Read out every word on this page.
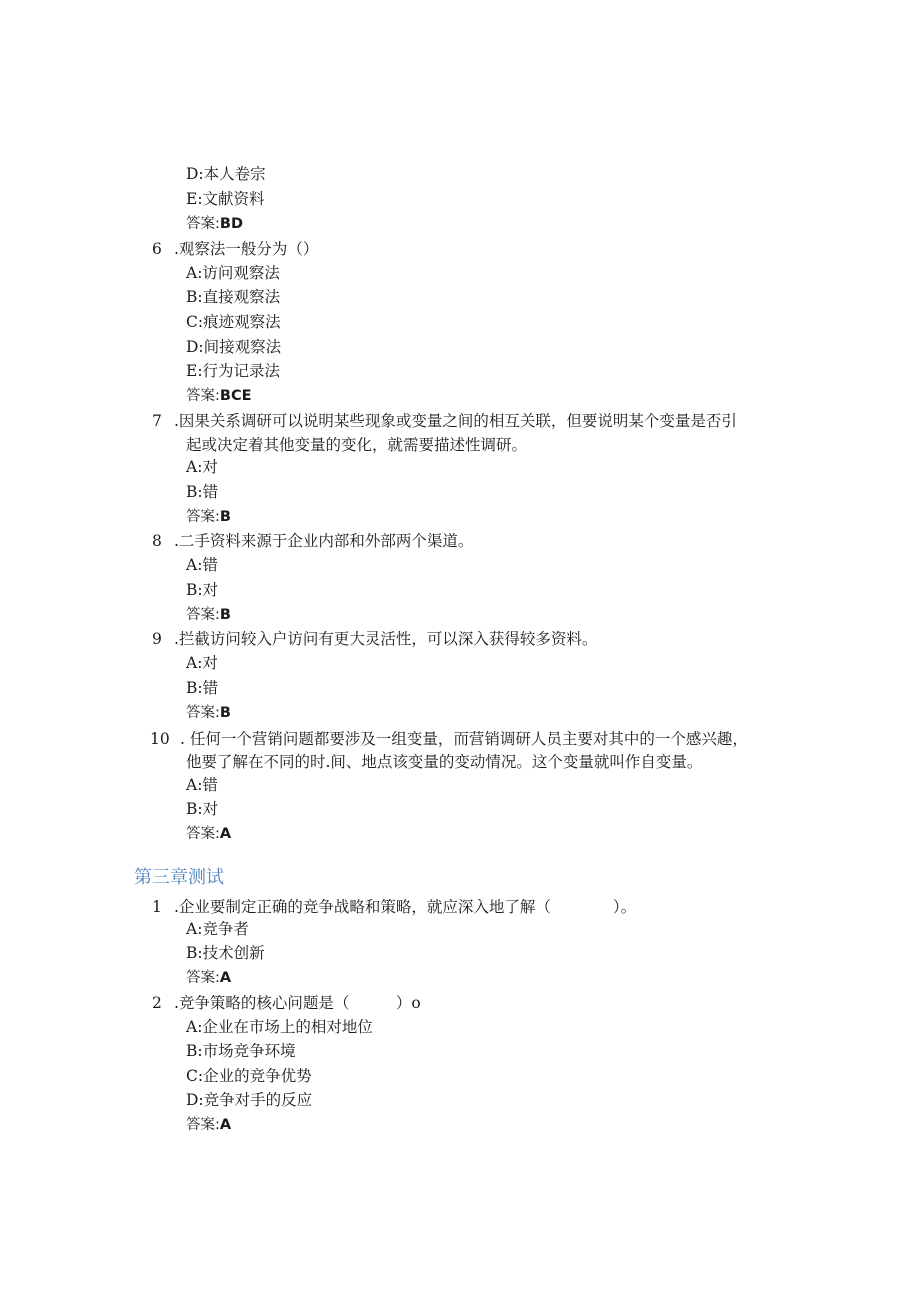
D:本人卷宗
E:文献资料
答案:BD
6 .观察法一般分为（）
A:访问观察法
B:直接观察法
C:痕迹观察法
D:间接观察法
E:行为记录法
答案:BCE
7 .因果关系调研可以说明某些现象或变量之间的相互关联，但要说明某个变量是否引
起或决定着其他变量的变化，就需要描述性调研。
A:对
B:错
答案:B
8 .二手资料来源于企业内部和外部两个渠道。
A:错
B:对
答案:B
9 .拦截访问较入户访问有更大灵活性，可以深入获得较多资料。
A:对
B:错
答案:B
10 . 任何一个营销问题都要涉及一组变量，而营销调研人员主要对其中的一个感兴趣，
他要了解在不同的时.间、地点该变量的变动情况。这个变量就叫作自变量。
A:错
B:对
答案:A
第三章测试
1 .企业要制定正确的竞争战略和策略，就应深入地了解（　　　　）。
A:竞争者
B:技术创新
答案:A
2 .竞争策略的核心问题是（　　　）o
A:企业在市场上的相对地位
B:市场竞争环境
C:企业的竞争优势
D:竞争对手的反应
答案:A
